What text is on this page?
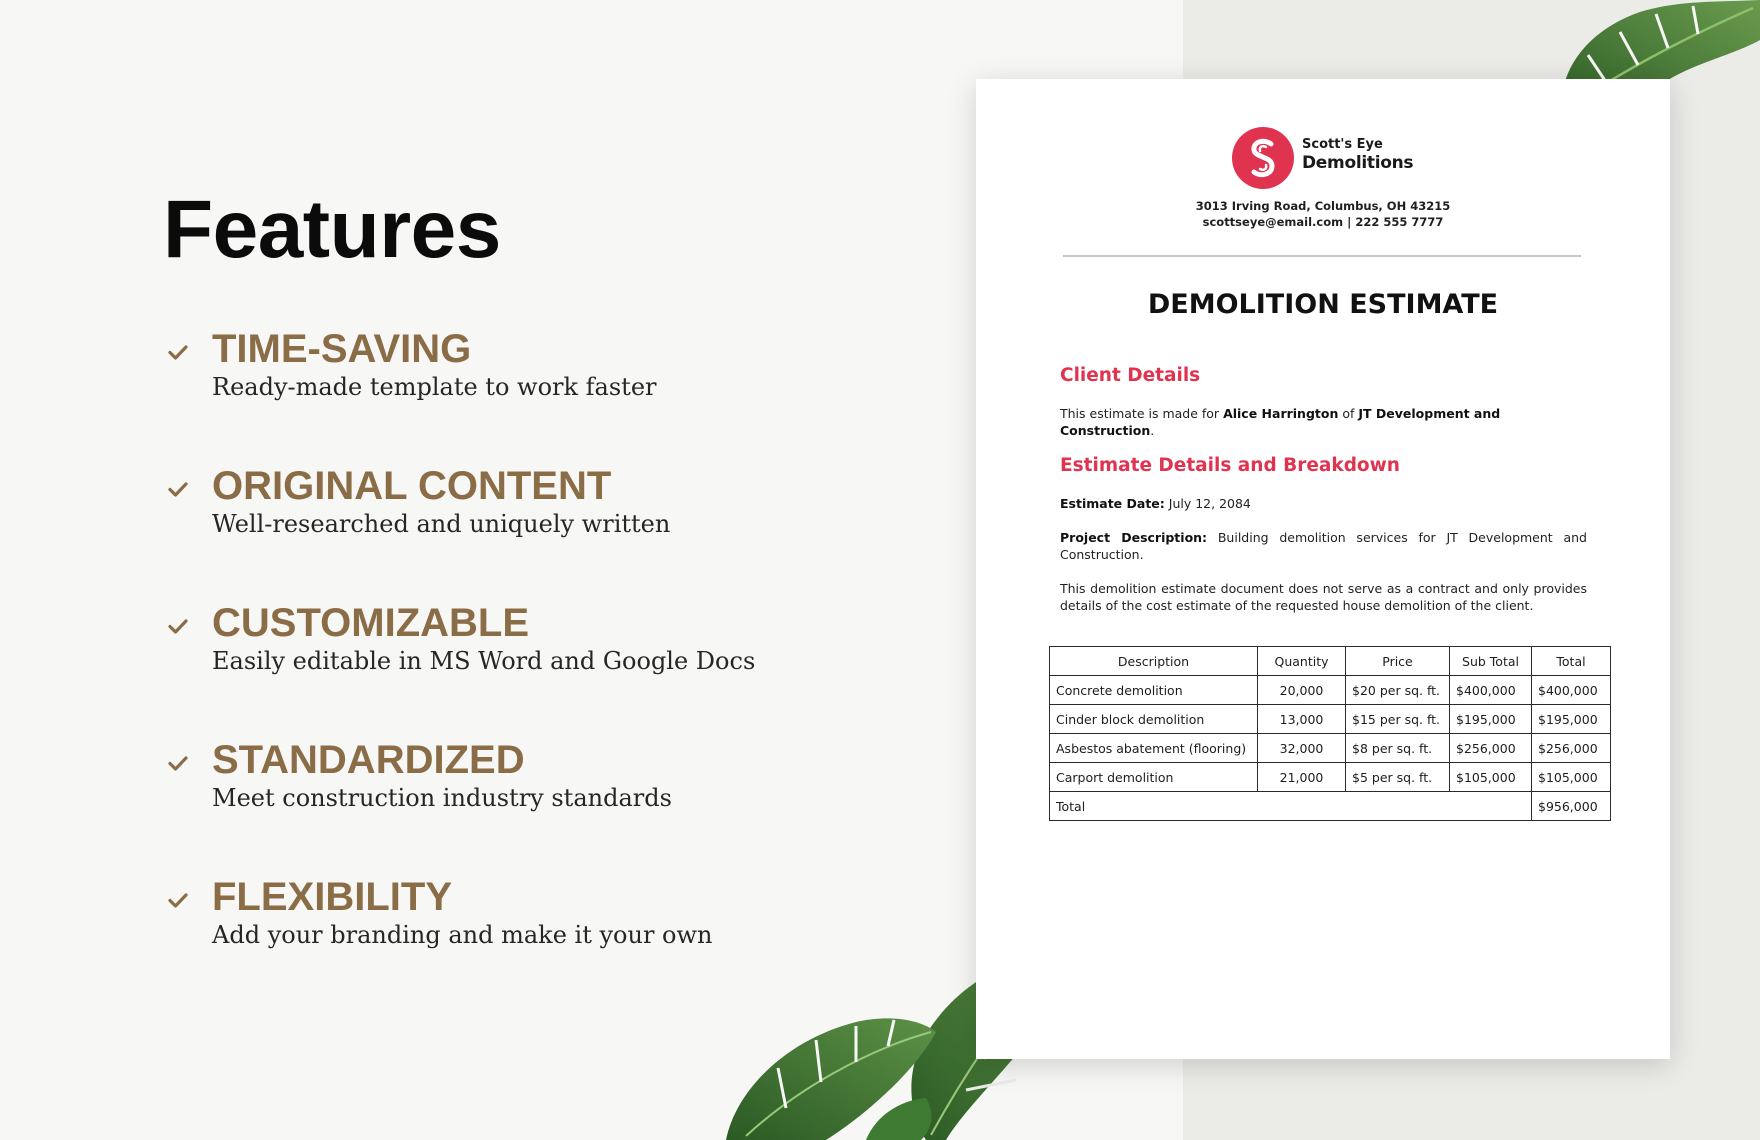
Features
TIME-SAVING
Ready-made template to work faster
ORIGINAL CONTENT
Well-researched and uniquely written
CUSTOMIZABLE
Easily editable in MS Word and Google Docs
STANDARDIZED
Meet construction industry standards
FLEXIBILITY
Add your branding and make it your own
Scott's Eye
Demolitions
3013 Irving Road, Columbus, OH 43215
scottseye@email.com | 222 555 7777
DEMOLITION ESTIMATE
Client Details
This estimate is made for Alice Harrington of JT Development and Construction.
Estimate Details and Breakdown
Estimate Date: July 12, 2084
Project Description: Building demolition services for JT Development and Construction.
This demolition estimate document does not serve as a contract and only provides details of the cost estimate of the requested house demolition of the client.
Description	Quantity	Price	Sub Total	Total
Concrete demolition	20,000	$20 per sq. ft.	$400,000	$400,000
Cinder block demolition	13,000	$15 per sq. ft.	$195,000	$195,000
Asbestos abatement (flooring)	32,000	$8 per sq. ft.	$256,000	$256,000
Carport demolition	21,000	$5 per sq. ft.	$105,000	$105,000
Total				$956,000
